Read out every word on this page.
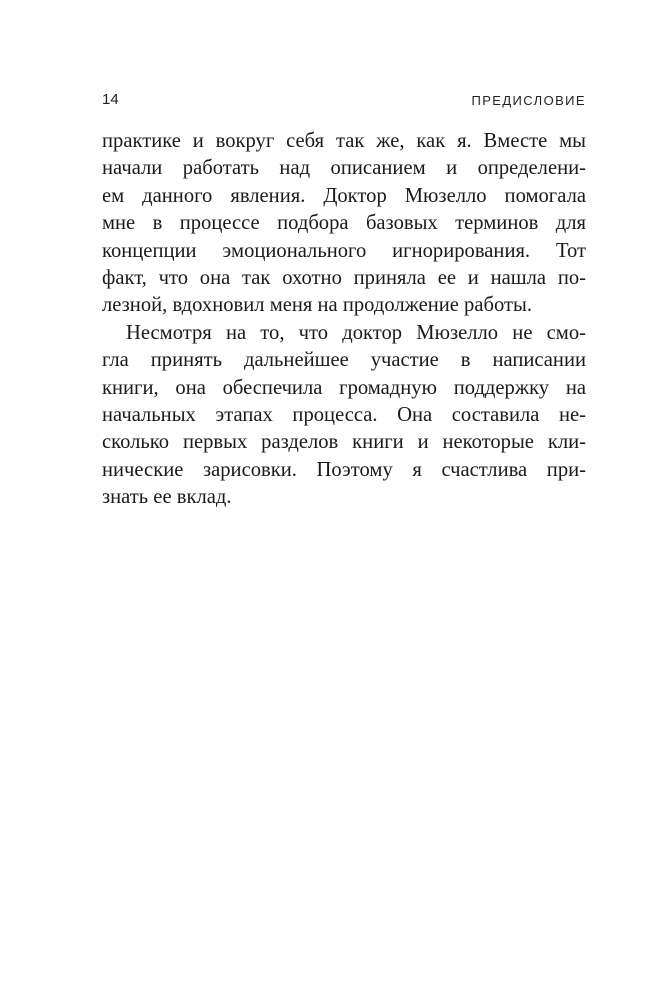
14	ПРЕДИСЛОВИЕ

практике и вокруг себя так же, как я. Вместе мы
начали работать над описанием и определени-
ем данного явления. Доктор Мюзелло помогала
мне в процессе подбора базовых терминов для
концепции эмоционального игнорирования. Тот
факт, что она так охотно приняла ее и нашла по-
лезной, вдохновил меня на продолжение работы.

Несмотря на то, что доктор Мюзелло не смо-
гла принять дальнейшее участие в написании
книги, она обеспечила громадную поддержку на
начальных этапах процесса. Она составила не-
сколько первых разделов книги и некоторые кли-
нические зарисовки. Поэтому я счастлива при-
знать ее вклад.
